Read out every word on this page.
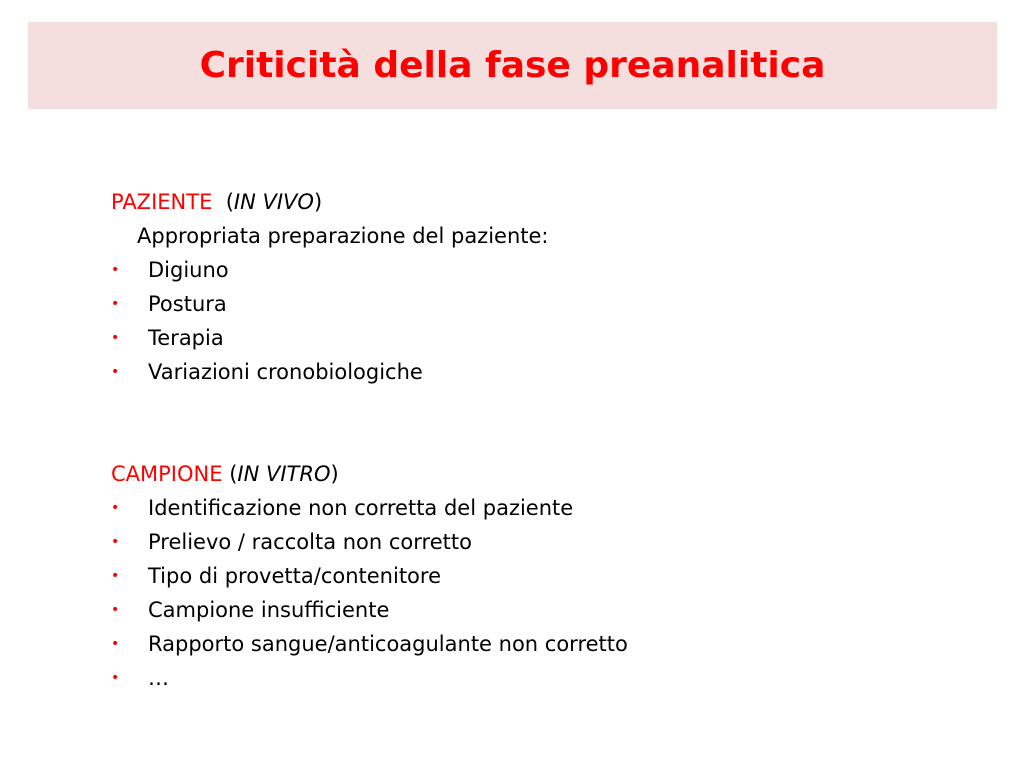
Criticità della fase preanalitica
PAZIENTE (IN VIVO)
Appropriata preparazione del paziente:
• Digiuno
• Postura
• Terapia
• Variazioni cronobiologiche
CAMPIONE (IN VITRO)
• Identificazione non corretta del paziente
• Prelievo / raccolta non corretto
• Tipo di provetta/contenitore
• Campione insufficiente
• Rapporto sangue/anticoagulante non corretto
• …
